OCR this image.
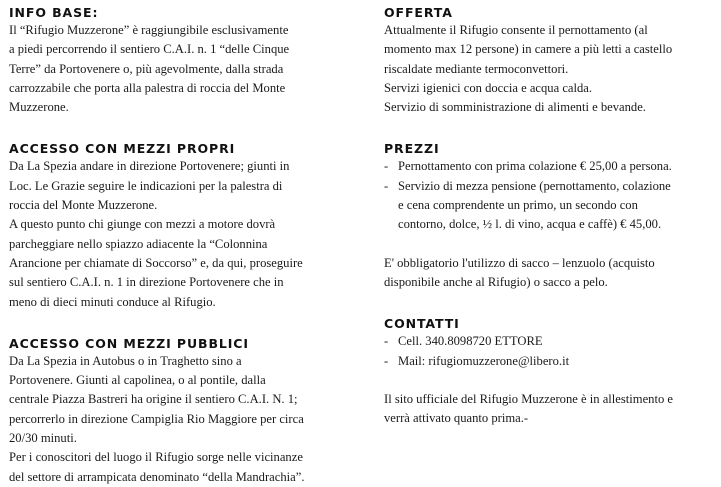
INFO BASE:

Il “Rifugio Muzzerone” è raggiungibile esclusivamente

a piedi percorrendo il sentiero C.A.I. n. 1 “delle Cinque

Terre” da Portovenere o, più agevolmente, dalla strada

carrozzabile che porta alla palestra di roccia del Monte

Muzzerone.

ACCESSO CON MEZZI PROPRI

Da La Spezia andare in direzione Portovenere; giunti in

Loc. Le Grazie seguire le indicazioni per la palestra di

roccia del Monte Muzzerone.

A questo punto chi giunge con mezzi a motore dovrà

parcheggiare nello spiazzo adiacente la “Colonnina

Arancione per chiamate di Soccorso” e, da qui, proseguire

sul sentiero C.A.I. n. 1 in direzione Portovenere che in

meno di dieci minuti conduce al Rifugio.

ACCESSO CON MEZZI PUBBLICI

Da La Spezia in Autobus o in Traghetto sino a

Portovenere. Giunti al capolinea, o al pontile, dalla

centrale Piazza Bastreri ha origine il sentiero C.A.I. N. 1;

percorrerlo in direzione Campiglia Rio Maggiore per circa

20/30 minuti.

Per i conoscitori del luogo il Rifugio sorge nelle vicinanze

del settore di arrampicata denominato “della Mandrachia”.

OFFERTA

Attualmente il Rifugio consente il pernottamento (al

momento max 12 persone) in camere a più letti a castello

riscaldate mediante termoconvettori.

Servizi igienici con doccia e acqua calda.

Servizio di somministrazione di alimenti e bevande.

PREZZI
- Pernottamento con prima colazione € 25,00 a persona.
- Servizio di mezza pensione (pernottamento, colazione

e cena comprendente un primo, un secondo con

contorno, dolce, ½ l. di vino, acqua e caffè) € 45,00.

E' obbligatorio l'utilizzo di sacco – lenzuolo (acquisto

disponibile anche al Rifugio) o sacco a pelo.

CONTATTI
- Cell. 340.8098720 ETTORE
- Mail: rifugiomuzzerone@libero.it

Il sito ufficiale del Rifugio Muzzerone è in allestimento e

verrà attivato quanto prima.-
